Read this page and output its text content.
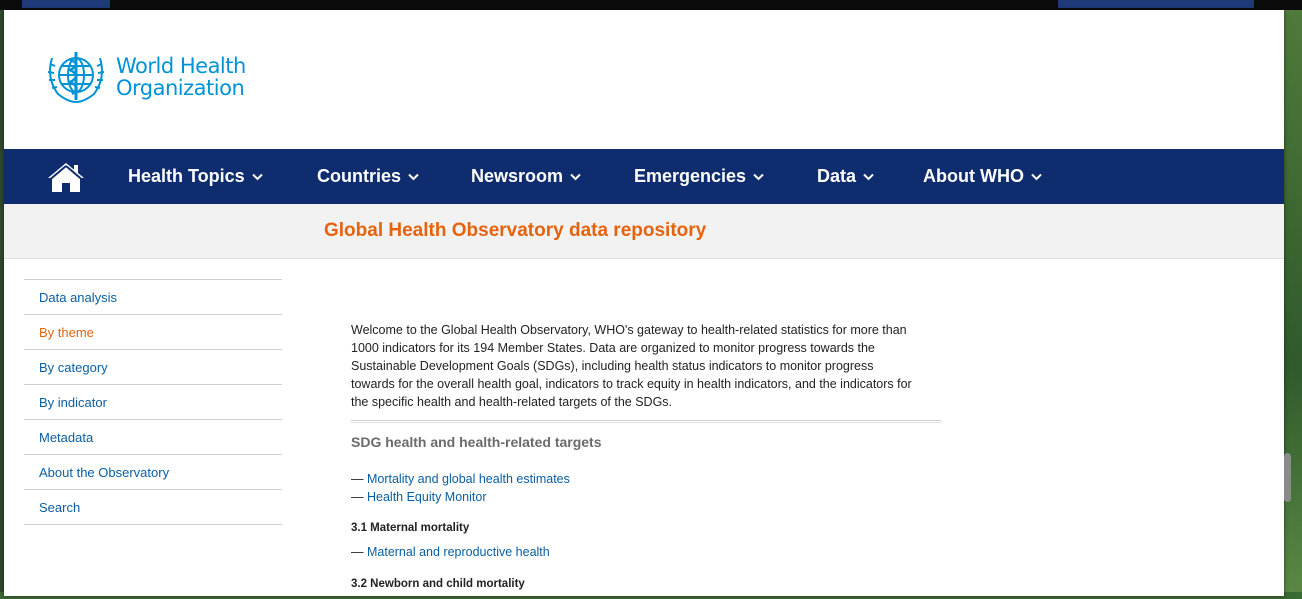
World Health
Organization
Health Topics	Countries	Newsroom	Emergencies	Data	About WHO
Global Health Observatory data repository
Data analysis
By theme
By category
By indicator
Metadata
About the Observatory
Search
Welcome to the Global Health Observatory, WHO's gateway to health-related statistics for more than
1000 indicators for its 194 Member States. Data are organized to monitor progress towards the
Sustainable Development Goals (SDGs), including health status indicators to monitor progress
towards for the overall health goal, indicators to track equity in health indicators, and the indicators for
the specific health and health-related targets of the SDGs.
SDG health and health-related targets
— Mortality and global health estimates
— Health Equity Monitor
3.1 Maternal mortality
— Maternal and reproductive health
3.2 Newborn and child mortality
